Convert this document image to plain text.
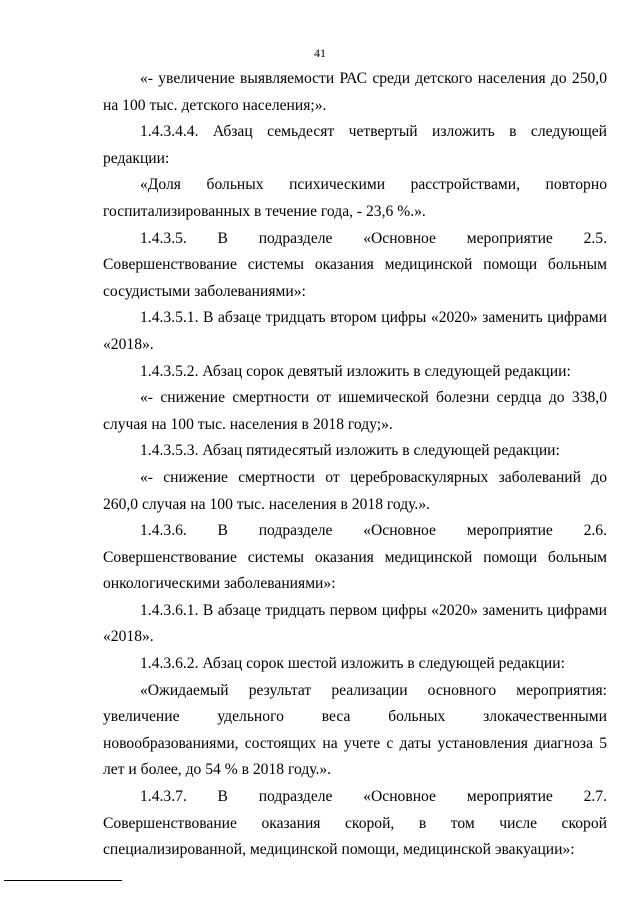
41

«- увеличение выявляемости РАС среди детского населения до 250,0 на 100 тыс. детского населения;».

1.4.3.4.4. Абзац семьдесят четвертый изложить в следующей редакции:

«Доля больных психическими расстройствами, повторно госпитализированных в течение года, - 23,6 %.».

1.4.3.5. В подразделе «Основное мероприятие 2.5. Совершенствование системы оказания медицинской помощи больным сосудистыми заболеваниями»:

1.4.3.5.1. В абзаце тридцать втором цифры «2020» заменить цифрами «2018».

1.4.3.5.2. Абзац сорок девятый изложить в следующей редакции:

«- снижение смертности от ишемической болезни сердца до 338,0 случая на 100 тыс. населения в 2018 году;».

1.4.3.5.3. Абзац пятидесятый изложить в следующей редакции:

«- снижение смертности от цереброваскулярных заболеваний до 260,0 случая на 100 тыс. населения в 2018 году.».

1.4.3.6. В подразделе «Основное мероприятие 2.6. Совершенствование системы оказания медицинской помощи больным онкологическими заболеваниями»:

1.4.3.6.1. В абзаце тридцать первом цифры «2020» заменить цифрами «2018».

1.4.3.6.2. Абзац сорок шестой изложить в следующей редакции:

«Ожидаемый результат реализации основного мероприятия: увеличение удельного веса больных злокачественными новообразованиями, состоящих на учете с даты установления диагноза 5 лет и более, до 54 % в 2018 году.».

1.4.3.7. В подразделе «Основное мероприятие 2.7. Совершенствование оказания скорой, в том числе скорой специализированной, медицинской помощи, медицинской эвакуации»:
